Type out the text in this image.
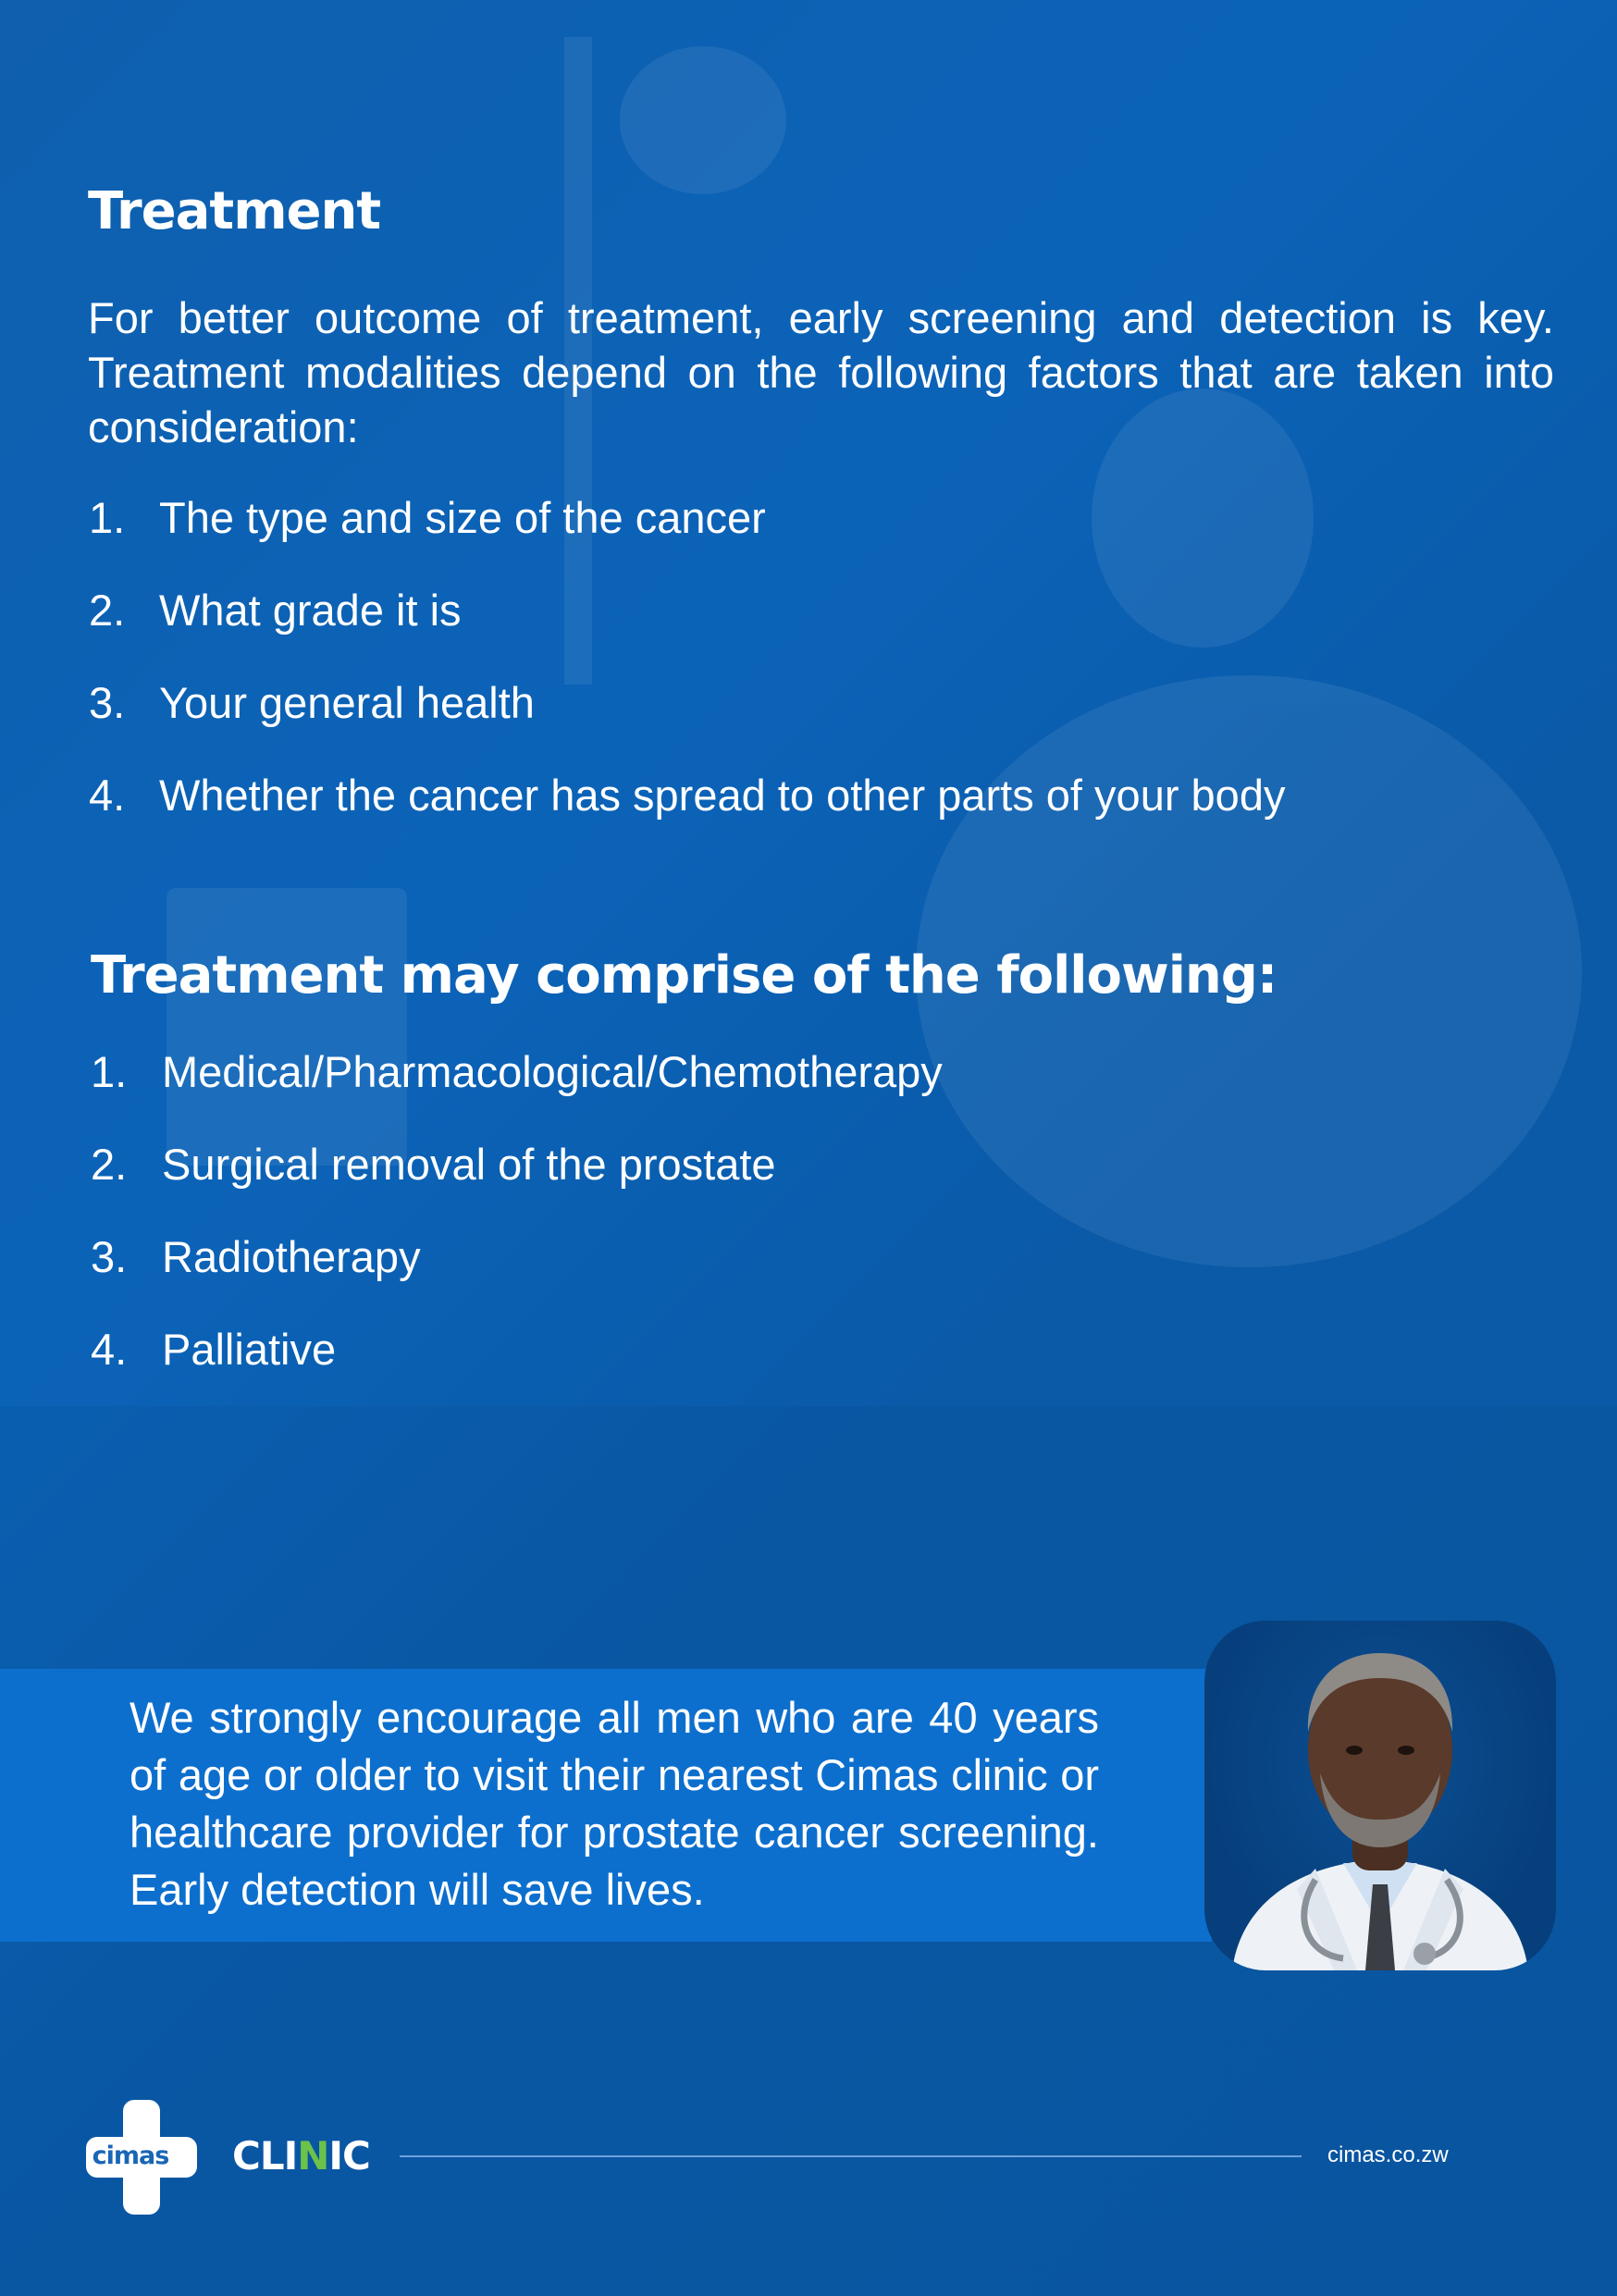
Treatment

For better outcome of treatment, early screening and detection is key. Treatment modalities depend on the following factors that are taken into consideration:

1. The type and size of the cancer
2. What grade it is
3. Your general health
4. Whether the cancer has spread to other parts of your body
Treatment may comprise of the following:
1. Medical/Pharmacological/Chemotherapy
2. Surgical removal of the prostate
3. Radiotherapy
4. Palliative

We strongly encourage all men who are 40 years of age or older to visit their nearest Cimas clinic or healthcare provider for prostate cancer screening. Early detection will save lives.

cimas CLINIC	cimas.co.zw
